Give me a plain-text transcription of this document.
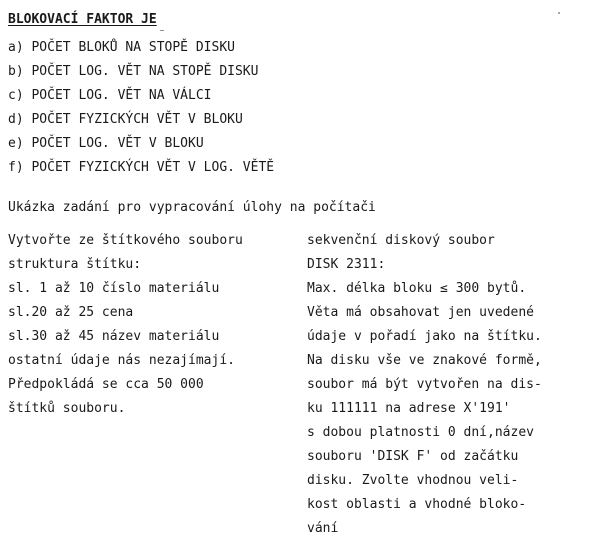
BLOKOVACÍ FAKTOR JE
a) POČET BLOKŮ NA STOPĚ DISKU
b) POČET LOG. VĚT NA STOPĚ DISKU
c) POČET LOG. VĚT NA VÁLCI
d) POČET FYZICKÝCH VĚT V BLOKU
e) POČET LOG. VĚT V BLOKU
f) POČET FYZICKÝCH VĚT V LOG. VĚTĚ
Ukázka zadání pro vypracování úlohy na počítači
Vytvořte ze štítkového souboru
struktura štítku:
sl. 1 až 10 číslo materiálu
sl.20 až 25 cena
sl.30 až 45 název materiálu
ostatní údaje nás nezajímají.
Předpokládá se cca 50 000
štítků souboru.
sekvenční diskový soubor
DISK 2311:
Max. délka bloku ≤ 300 bytů.
Věta má obsahovat jen uvedené
údaje v pořadí jako na štítku.
Na disku vše ve znakové formě,
soubor má být vytvořen na dis-
ku 111111 na adrese X'191'
s dobou platnosti 0 dní,název
souboru 'DISK F' od začátku
disku. Zvolte vhodnou veli-
kost oblasti a vhodné bloko-
vání
